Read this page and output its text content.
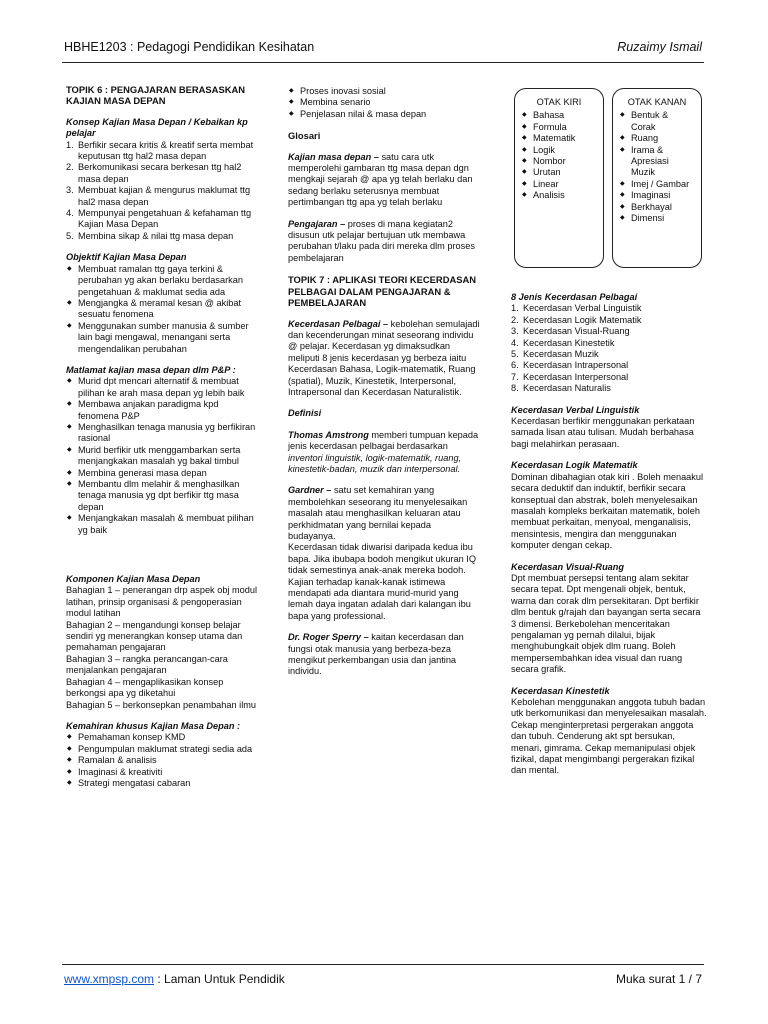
HBHE1203 : Pedagogi Pendidikan Kesihatan	Ruzaimy Ismail
TOPIK 6 : PENGAJARAN BERASASKAN KAJIAN MASA DEPAN
Konsep Kajian Masa Depan / Kebaikan kp pelajar
1. Berfikir secara kritis & kreatif serta membat keputusan ttg hal2 masa depan
2. Berkomunikasi secara berkesan ttg hal2 masa depan
3. Membuat kajian & mengurus maklumat ttg hal2 masa depan
4. Mempunyai pengetahuan & kefahaman ttg Kajian Masa Depan
5. Membina sikap & nilai ttg masa depan
Objektif Kajian Masa Depan
◆ Membuat ramalan ttg gaya terkini & perubahan yg akan berlaku berdasarkan pengetahuan & maklumat sedia ada
◆ Mengjangka & meramal kesan @ akibat sesuatu fenomena
◆ Menggunakan sumber manusia & sumber lain bagi mengawal, menangani serta mengendalikan perubahan
Matlamat kajian masa depan dlm P&P :
◆ Murid dpt mencari alternatif & membuat pilihan ke arah masa depan yg lebih baik
◆ Membawa anjakan paradigma kpd fenomena P&P
◆ Menghasilkan tenaga manusia yg berfikiran rasional
◆ Murid berfikir utk menggambarkan serta menjangkakan masalah yg bakal timbul
◆ Membina generasi masa depan
◆ Membantu dlm melahir & menghasilkan tenaga manusia yg dpt berfikir ttg masa depan
◆ Menjangkakan masalah & membuat pilihan yg baik
Komponen Kajian Masa Depan

Bahagian 1 – penerangan drp aspek obj modul latihan, prinsip organisasi & pengoperasian modul latihan

Bahagian 2 – mengandungi konsep belajar sendiri yg menerangkan konsep utama dan pemahaman pengajaran

Bahagian 3 – rangka perancangan-cara menjalankan pengajaran

Bahagian 4 – mengaplikasikan konsep berkongsi apa yg diketahui

Bahagian 5 – berkonsepkan penambahan ilmu

Kemahiran khusus Kajian Masa Depan :
◆ Pemahaman konsep KMD
◆ Pengumpulan maklumat strategi sedia ada
◆ Ramalan & analisis
◆ Imaginasi & kreativiti
◆ Strategi mengatasi cabaran
◆ Proses inovasi sosial
◆ Membina senario
◆ Penjelasan nilai & masa depan
Glosari

Kajian masa depan – satu cara utk memperolehi gambaran ttg masa depan dgn mengkaji sejarah @ apa yg telah berlaku dan sedang berlaku seterusnya membuat pertimbangan ttg apa yg telah berlaku

Pengajaran – proses di mana kegiatan2 disusun utk pelajar bertujuan utk membawa perubahan t/laku pada diri mereka dlm proses pembelajaran

TOPIK 7 : APLIKASI TEORI KECERDASAN PELBAGAI DALAM PENGAJARAN & PEMBELAJARAN

Kecerdasan Pelbagai – kebolehan semulajadi dan kecenderungan minat seseorang individu @ pelajar. Kecerdasan yg dimaksudkan meliputi 8 jenis kecerdasan yg berbeza iaitu Kecerdasan Bahasa, Logik-matematik, Ruang (spatial), Muzik, Kinestetik, Interpersonal, Intrapersonal dan Kecerdasan Naturalistik.

Definisi

Thomas Amstrong memberi tumpuan kepada jenis kecerdasan pelbagai berdasarkan inventori linguistik, logik-matematik, ruang, kinestetik-badan, muzik dan interpersonal.

Gardner – satu set kemahiran yang membolehkan seseorang itu menyelesaikan masalah atau menghasilkan keluaran atau perkhidmatan yang bernilai kepada budayanya.

Kecerdasan tidak diwarisi daripada kedua ibu bapa. Jika ibubapa bodoh mengikut ukuran IQ tidak semestinya anak-anak mereka bodoh.

Kajian terhadap kanak-kanak istimewa mendapati ada diantara murid-murid yang lemah daya ingatan adalah dari kalangan ibu bapa yang professional.

Dr. Roger Sperry – kaitan kecerdasan dan fungsi otak manusia yang berbeza-beza mengikut perkembangan usia dan jantina individu.

OTAK KIRI
◆ Bahasa
◆ Formula
◆ Matematik
◆ Logik
◆ Nombor
◆ Urutan
◆ Linear
◆ Analisis
OTAK KANAN
◆ Bentuk & Corak
◆ Ruang
◆ Irama & Apresiasi Muzik
◆ Imej / Gambar
◆ Imaginasi
◆ Berkhayal
◆ Dimensi
8 Jenis Kecerdasan Pelbagai
1. Kecerdasan Verbal Linguistik
2. Kecerdasan Logik Matematik
3. Kecerdasan Visual-Ruang
4. Kecerdasan Kinestetik
5. Kecerdasan Muzik
6. Kecerdasan Intrapersonal
7. Kecerdasan Interpersonal
8. Kecerdasan Naturalis
Kecerdasan Verbal Linguistik

Kecerdasan berfikir menggunakan perkataan samada lisan atau tulisan. Mudah berbahasa bagi melahirkan perasaan.

Kecerdasan Logik Matematik

Dominan dibahagian otak kiri . Boleh menaakul secara deduktif dan induktif, berfikir secara konseptual dan abstrak, boleh menyelesaikan masalah kompleks berkaitan matematik, boleh membuat perkaitan, menyoal, menganalisis, mensintesis, mengira dan menggunakan komputer dengan cekap.

Kecerdasan Visual-Ruang

Dpt membuat persepsi tentang alam sekitar secara tepat. Dpt mengenali objek, bentuk, warna dan corak dlm persekitaran. Dpt berfikir dlm bentuk g/rajah dan bayangan serta secara 3 dimensi. Berkebolehan menceritakan pengalaman yg pernah dilalui, bijak menghubungkait objek dlm ruang. Boleh mempersembahkan idea visual dan ruang secara grafik.

Kecerdasan Kinestetik

Kebolehan menggunakan anggota tubuh badan utk berkomunikasi dan menyelesaikan masalah. Cekap menginterpretasi pergerakan anggota dan tubuh. Cenderung akt spt bersukan, menari, gimrama. Cekap memanipulasi objek fizikal, dapat mengimbangi pergerakan fizikal dan mental.

www.xmpsp.com : Laman Untuk Pendidik	Muka surat 1 / 7
